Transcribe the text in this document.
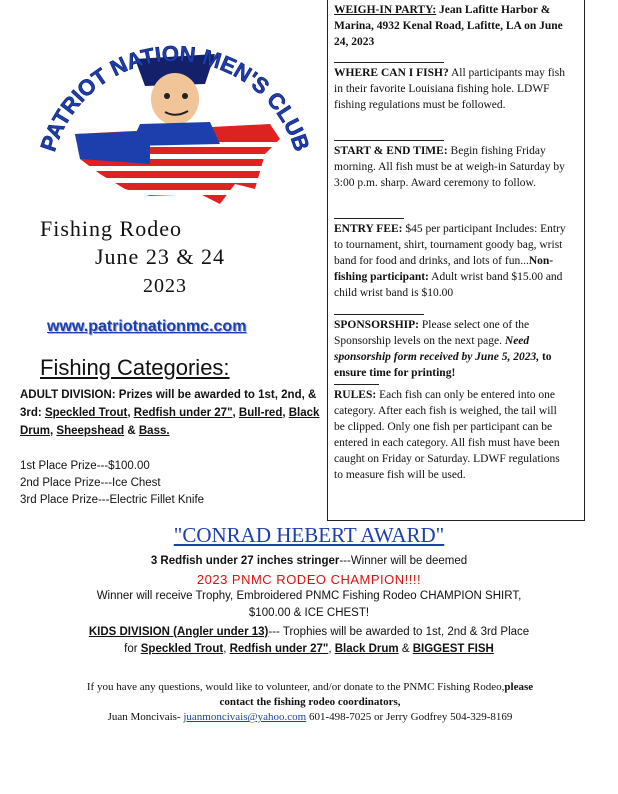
PATRIOT NATION MEN'S CLUB
Fishing Rodeo
June 23 & 24
2023
www.patriotnationmc.com
Fishing Categories:
ADULT DIVISION: Prizes will be awarded to 1st, 2nd, & 3rd: Speckled Trout, Redfish under 27", Bull-red, Black Drum, Sheepshead & Bass.
1st Place Prize---$100.00
2nd Place Prize---Ice Chest
3rd Place Prize---Electric Fillet Knife

WEIGH-IN PARTY: Jean Lafitte Harbor & Marina, 4932 Kenal Road, Lafitte, LA on June 24, 2023

WHERE CAN I FISH? All participants may fish in their favorite Louisiana fishing hole. LDWF fishing regulations must be followed.

START & END TIME: Begin fishing Friday morning. All fish must be at weigh-in Saturday by 3:00 p.m. sharp. Award ceremony to follow.

ENTRY FEE: $45 per participant Includes: Entry to tournament, shirt, tournament goody bag, wrist band for food and drinks, and lots of fun...Non-fishing participant: Adult wrist band $15.00 and child wrist band is $10.00

SPONSORSHIP: Please select one of the Sponsorship levels on the next page. Need sponsorship form received by June 5, 2023, to ensure time for printing!

RULES: Each fish can only be entered into one category. After each fish is weighed, the tail will be clipped. Only one fish per participant can be entered in each category. All fish must have been caught on Friday or Saturday. LDWF regulations to measure fish will be used.

"CONRAD HEBERT AWARD"
3 Redfish under 27 inches stringer---Winner will be deemed
2023 PNMC RODEO CHAMPION!!!!
Winner will receive Trophy, Embroidered PNMC Fishing Rodeo CHAMPION SHIRT,
$100.00 & ICE CHEST!
KIDS DIVISION (Angler under 13)--- Trophies will be awarded to 1st, 2nd & 3rd Place
for Speckled Trout, Redfish under 27", Black Drum & BIGGEST FISH
If you have any questions, would like to volunteer, and/or donate to the PNMC Fishing Rodeo,please contact the fishing rodeo coordinators,
Juan Moncivais- juanmoncivais@yahoo.com 601-498-7025 or Jerry Godfrey 504-329-8169
